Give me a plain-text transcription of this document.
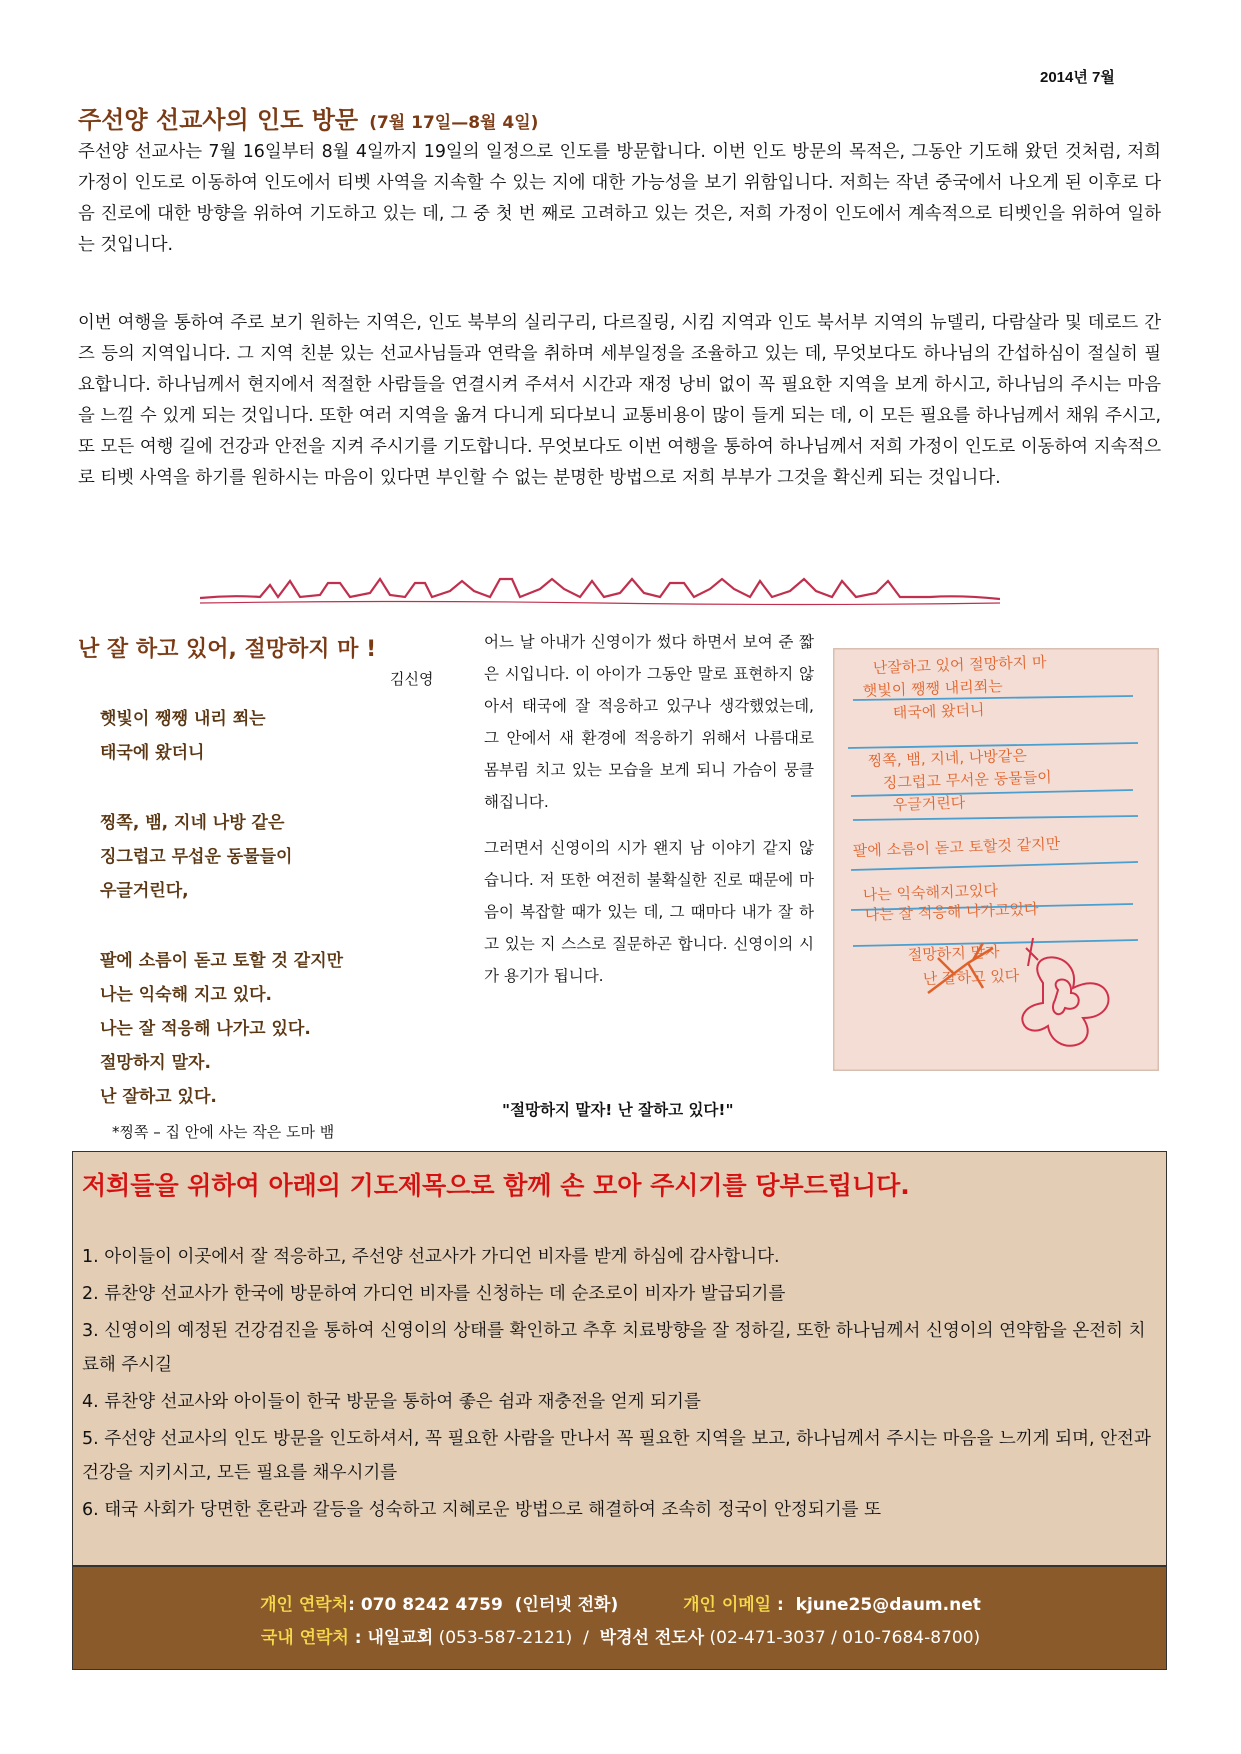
2014년 7월
주선양 선교사의 인도 방문 (7월 17일—8월 4일)

주선양 선교사는 7월 16일부터 8월 4일까지 19일의 일정으로 인도를 방문합니다. 이번 인도 방문의 목적은, 그동안 기도해 왔던 것처럼, 저희 가정이 인도로 이동하여 인도에서 티벳 사역을 지속할 수 있는 지에 대한 가능성을 보기 위함입니다. 저희는 작년 중국에서 나오게 된 이후로 다음 진로에 대한 방향을 위하여 기도하고 있는 데, 그 중 첫 번 째로 고려하고 있는 것은, 저희 가정이 인도에서 계속적으로 티벳인을 위하여 일하는 것입니다.

이번 여행을 통하여 주로 보기 원하는 지역은, 인도 북부의 실리구리, 다르질링, 시킴 지역과 인도 북서부 지역의 뉴델리, 다람살라 및 데로드 간즈 등의 지역입니다. 그 지역 친분 있는 선교사님들과 연락을 취하며 세부일정을 조율하고 있는 데, 무엇보다도 하나님의 간섭하심이 절실히 필요합니다. 하나님께서 현지에서 적절한 사람들을 연결시켜 주셔서 시간과 재정 낭비 없이 꼭 필요한 지역을 보게 하시고, 하나님의 주시는 마음을 느낄 수 있게 되는 것입니다. 또한 여러 지역을 옮겨 다니게 되다보니 교통비용이 많이 들게 되는 데, 이 모든 필요를 하나님께서 채워 주시고, 또 모든 여행 길에 건강과 안전을 지켜 주시기를 기도합니다. 무엇보다도 이번 여행을 통하여 하나님께서 저희 가정이 인도로 이동하여 지속적으로 티벳 사역을 하기를 원하시는 마음이 있다면 부인할 수 없는 분명한 방법으로 저희 부부가 그것을 확신케 되는 것입니다.

난 잘 하고 있어, 절망하지 마 !
김신영
햇빛이 쨍쨍 내리 쬐는
태국에 왔더니
찡쪽, 뱀, 지네 나방 같은
징그럽고 무섭운 동물들이
우글거린다,
팔에 소름이 돋고 토할 것 같지만
나는 익숙해 지고 있다.
나는 잘 적응해 나가고 있다.
절망하지 말자.
난 잘하고 있다.
*찡쪽 – 집 안에 사는 작은 도마 뱀

어느 날 아내가 신영이가 썼다 하면서 보여 준 짧은 시입니다. 이 아이가 그동안 말로 표현하지 않아서 태국에 잘 적응하고 있구나 생각했었는데, 그 안에서 새 환경에 적응하기 위해서 나름대로 몸부림 치고 있는 모습을 보게 되니 가슴이 뭉클해집니다.

그러면서 신영이의 시가 왠지 남 이야기 같지 않습니다. 저 또한 여전히 불확실한 진로 때문에 마음이 복잡할 때가 있는 데, 그 때마다 내가 잘 하고 있는 지 스스로 질문하곤 합니다. 신영이의 시가 용기가 됩니다.

"절망하지 말자! 난 잘하고 있다!"
난잘하고 있어 절망하지 마
햇빛이 쨍쨍 내리쬐는
태국에 왔더니
찡쪽, 뱀, 지네, 나방같은
징그럽고 무서운 동물들이
우글거린다
팔에 소름이 돋고 토할것 같지만
나는 익숙해지고있다
나는 잘 적응해 나가고있다
절망하지 말자
난 잘하고 있다
저희들을 위하여 아래의 기도제목으로 함께 손 모아 주시기를 당부드립니다.
1. 아이들이 이곳에서 잘 적응하고, 주선양 선교사가 가디언 비자를 받게 하심에 감사합니다.
2. 류찬양 선교사가 한국에 방문하여 가디언 비자를 신청하는 데 순조로이 비자가 발급되기를
3. 신영이의 예정된 건강검진을 통하여 신영이의 상태를 확인하고 추후 치료방향을 잘 정하길, 또한 하나님께서 신영이의 연약함을 온전히 치료해 주시길
4. 류찬양 선교사와 아이들이 한국 방문을 통하여 좋은 쉼과 재충전을 얻게 되기를
5. 주선양 선교사의 인도 방문을 인도하셔서, 꼭 필요한 사람을 만나서 꼭 필요한 지역을 보고, 하나님께서 주시는 마음을 느끼게 되며, 안전과 건강을 지키시고, 모든 필요를 채우시기를
6. 태국 사회가 당면한 혼란과 갈등을 성숙하고 지혜로운 방법으로 해결하여 조속히 정국이 안정되기를 또
개인 연락처: 070 8242 4759  (인터넷 전화)	개인 이메일 :  kjune25@daum.net
국내 연락처 : 내일교회 (053-587-2121)  /  박경선 전도사 (02-471-3037 / 010-7684-8700)
